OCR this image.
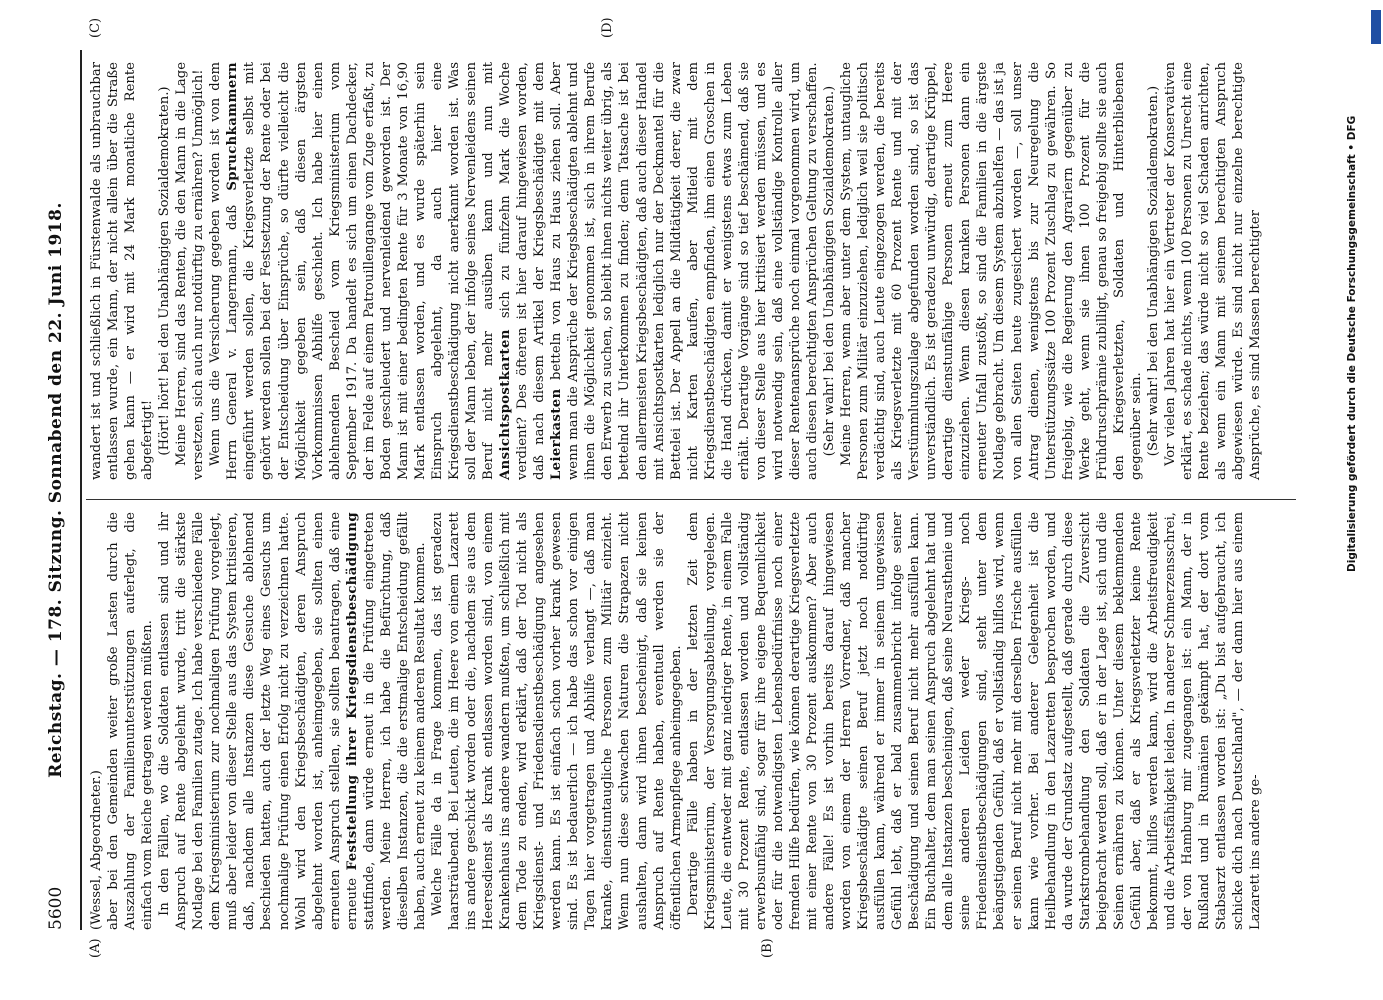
5600
Reichstag. — 178. Sitzung. Sonnabend den 22. Juni 1918.
(A)	(B)
(C)	(D)

(Wessel, Abgeordneter.) aber bei den Gemeinden weiter große Lasten durch die Auszahlung der Familienunterstützungen auferlegt, die einfach vom Reiche getragen werden müßten. In den Fällen, wo die Soldaten entlassen sind und ihr Anspruch auf Rente abgelehnt wurde, tritt die stärkste Notlage bei den Familien zutage. Ich habe verschiedene Fälle dem Kriegsministerium zur nochmaligen Prüfung vorgelegt, muß aber leider von dieser Stelle aus das System kritisieren, daß, nachdem alle Instanzen diese Gesuche ablehnend beschieden hatten, auch der letzte Weg eines Gesuchs um nochmalige Prüfung einen Erfolg nicht zu verzeichnen hatte. Wohl wird den Kriegsbeschädigten, deren Anspruch abgelehnt worden ist, anheimgegeben, sie sollten einen erneuten Anspruch stellen, sie sollten beantragen, daß eine erneute Feststellung ihrer Kriegsdienstbeschädigung stattfinde, dann würde erneut in die Prüfung eingetreten werden. Meine Herren, ich habe die Befürchtung, daß dieselben Instanzen, die die erstmalige Entscheidung gefällt haben, auch erneut zu keinem anderen Resultat kommen. Welche Fälle da in Frage kommen, das ist geradezu haarsträubend. Bei Leuten, die im Heere von einem Lazarett ins andere geschickt worden oder die, nachdem sie aus dem Heeresdienst als krank entlassen worden sind, von einem Krankenhaus ins andere wandern mußten, um schließlich mit dem Tode zu enden, wird erklärt, daß der Tod nicht als Kriegsdienst- und Friedensdienstbeschädigung angesehen werden kann. Es ist einfach schon vorher krank gewesen sind. Es ist bedauerlich — ich habe das schon vor einigen Tagen hier vorgetragen und Abhilfe verlangt —, daß man kranke, dienstuntaugliche Personen zum Militär einzieht. Wenn nun diese schwachen Naturen die Strapazen nicht aushalten, dann wird ihnen bescheinigt, daß sie keinen Anspruch auf Rente haben, eventuell werden sie der öffentlichen Armenpflege anheimgegeben. Derartige Fälle haben in der letzten Zeit dem Kriegsministerium, der Versorgungsabteilung, vorgelegen. Leute, die entweder mit ganz niedriger Rente, in einem Falle mit 30 Prozent Rente, entlassen worden und vollständig erwerbsunfähig sind, sogar für ihre eigene Bequemlichkeit oder für die notwendigsten Lebensbedürfnisse noch einer fremden Hilfe bedürfen, wie können derartige Kriegsverletzte mit einer Rente von 30 Prozent auskommen? Aber auch andere Fälle! Es ist vorhin bereits darauf hingewiesen worden von einem der Herren Vorredner, daß mancher Kriegsbeschädigte seinen Beruf jetzt noch notdürftig ausfüllen kann, während er immer in seinem ungewissen Gefühl lebt, daß er bald zusammenbricht infolge seiner Beschädigung und seinen Beruf nicht mehr ausfüllen kann. Ein Buchhalter, dem man seinen Anspruch abgelehnt hat und dem alle Instanzen bescheinigen, daß seine Neurasthenie und seine anderen Leiden weder Kriegs- noch Friedensdienstbeschädigungen sind, steht unter dem beängstigenden Gefühl, daß er vollständig hilflos wird, wenn er seinen Beruf nicht mehr mit derselben Frische ausfüllen kann wie vorher. Bei anderer Gelegenheit ist die Heilbehandlung in den Lazaretten besprochen worden, und da wurde der Grundsatz aufgestellt, daß gerade durch diese Starkstrombehandlung den Soldaten die Zuversicht beigebracht werden soll, daß er in der Lage ist, sich und die Seinen ernähren zu können. Unter diesem beklemmenden Gefühl aber, daß er als Kriegsverletzter keine Rente bekommt, hilflos werden kann, wird die Arbeitsfreudigkeit und die Arbeitsfähigkeit leiden. In anderer Schmerzensschrei, der von Hamburg mir zugegangen ist: ein Mann, der in Rußland und in Rumänien gekämpft hat, der dort vom Stabsarzt entlassen worden ist: „Du bist aufgebraucht, ich schicke dich nach Deutschland", — der dann hier aus einem Lazarett ins andere ge-

wandert ist und schließlich in Fürstenwalde als unbrauchbar entlassen wurde, ein Mann, der nicht allein über die Straße gehen kann — er wird mit 24 Mark monatliche Rente abgefertigt! (Hört! hört! bei den Unabhängigen Sozialdemokraten.) Meine Herren, sind das Renten, die den Mann in die Lage versetzen, sich auch nur notdürftig zu ernähren? Unmöglich! Wenn uns die Versicherung gegeben worden ist von dem Herrn General v. Langermann, daß Spruchkammern eingeführt werden sollen, die Kriegsverletzte selbst mit gehört werden sollen bei der Festsetzung der Rente oder bei der Entscheidung über Einsprüche, so dürfte vielleicht die Möglichkeit gegeben sein, daß diesen ärgsten Vorkommnissen Abhilfe geschieht. Ich habe hier einen ablehnenden Bescheid vom Kriegsministerium vom September 1917. Da handelt es sich um einen Dachdecker, der im Felde auf einem Patrouillengange vom Zuge erfaßt, zu Boden geschleudert und nervenleidend geworden ist. Der Mann ist mit einer bedingten Rente für 3 Monate von 16,90 Mark entlassen worden, und es wurde späterhin sein Einspruch abgelehnt, da auch hier eine Kriegsdienstbeschädigung nicht anerkannt worden ist. Was soll der Mann leben, der infolge seines Nervenleidens seinen Beruf nicht mehr ausüben kann und nun mit Ansichtspostkarten sich zu fünfzehn Mark die Woche verdient? Des öfteren ist hier darauf hingewiesen worden, daß nach diesem Artikel der Kriegsbeschädigte mit dem Leierkasten betteln von Haus zu Haus ziehen soll. Aber wenn man die Ansprüche der Kriegsbeschädigten ablehnt und ihnen die Möglichkeit genommen ist, sich in ihrem Berufe den Erwerb zu suchen, so bleibt ihnen nichts weiter übrig, als bettelnd ihr Unterkommen zu finden; denn Tatsache ist bei den allermeisten Kriegsbeschädigten, daß auch dieser Handel mit Ansichtspostkarten lediglich nur der Deckmantel für die Bettelei ist. Der Appell an die Mildtätigkeit derer, die zwar nicht Karten kaufen, aber Mitleid mit dem Kriegsdienstbeschädigten empfinden, ihm einen Groschen in die Hand drücken, damit er wenigstens etwas zum Leben erhält. Derartige Vorgänge sind so tief beschämend, daß sie von dieser Stelle aus hier kritisiert werden müssen, und es wird notwendig sein, daß eine vollständige Kontrolle aller dieser Rentenansprüche noch einmal vorgenommen wird, um auch diesen berechtigten Ansprüchen Geltung zu verschaffen. (Sehr wahr! bei den Unabhängigen Sozialdemokraten.) Meine Herren, wenn aber unter dem System, untaugliche Personen zum Militär einzuziehen, lediglich weil sie politisch verdächtig sind, auch Leute eingezogen werden, die bereits als Kriegsverletzte mit 60 Prozent Rente und mit der Verstümmlungszulage abgefunden worden sind, so ist das unverständlich. Es ist geradezu unwürdig, derartige Krüppel, derartige dienstunfähige Personen erneut zum Heere einzuziehen. Wenn diesen kranken Personen dann ein erneuter Unfall zustößt, so sind die Familien in die ärgste Notlage gebracht. Um diesem System abzuhelfen — das ist ja von allen Seiten heute zugesichert worden —, soll unser Antrag dienen, wenigstens bis zur Neuregelung die Unterstützungssätze 100 Prozent Zuschlag zu gewähren. So freigebig, wie die Regierung den Agrariern gegenüber zu Werke geht, wenn sie ihnen 100 Prozent für die Frühdruschprämie zubilligt, genau so freigebig sollte sie auch den Kriegsverletzten, Soldaten und Hinterbliebenen gegenüber sein. (Sehr wahr! bei den Unabhängigen Sozialdemokraten.) Vor vielen Jahren hat hier ein Vertreter der Konservativen erklärt, es schade nichts, wenn 100 Personen zu Unrecht eine Rente beziehen; das würde nicht so viel Schaden anrichten, als wenn ein Mann mit seinem berechtigten Anspruch abgewiesen würde. Es sind nicht nur einzelne berechtigte Ansprüche, es sind Massen berechtigter	Digitalisierung gefördert durch die Deutsche Forschungsgemeinschaft • DFG
